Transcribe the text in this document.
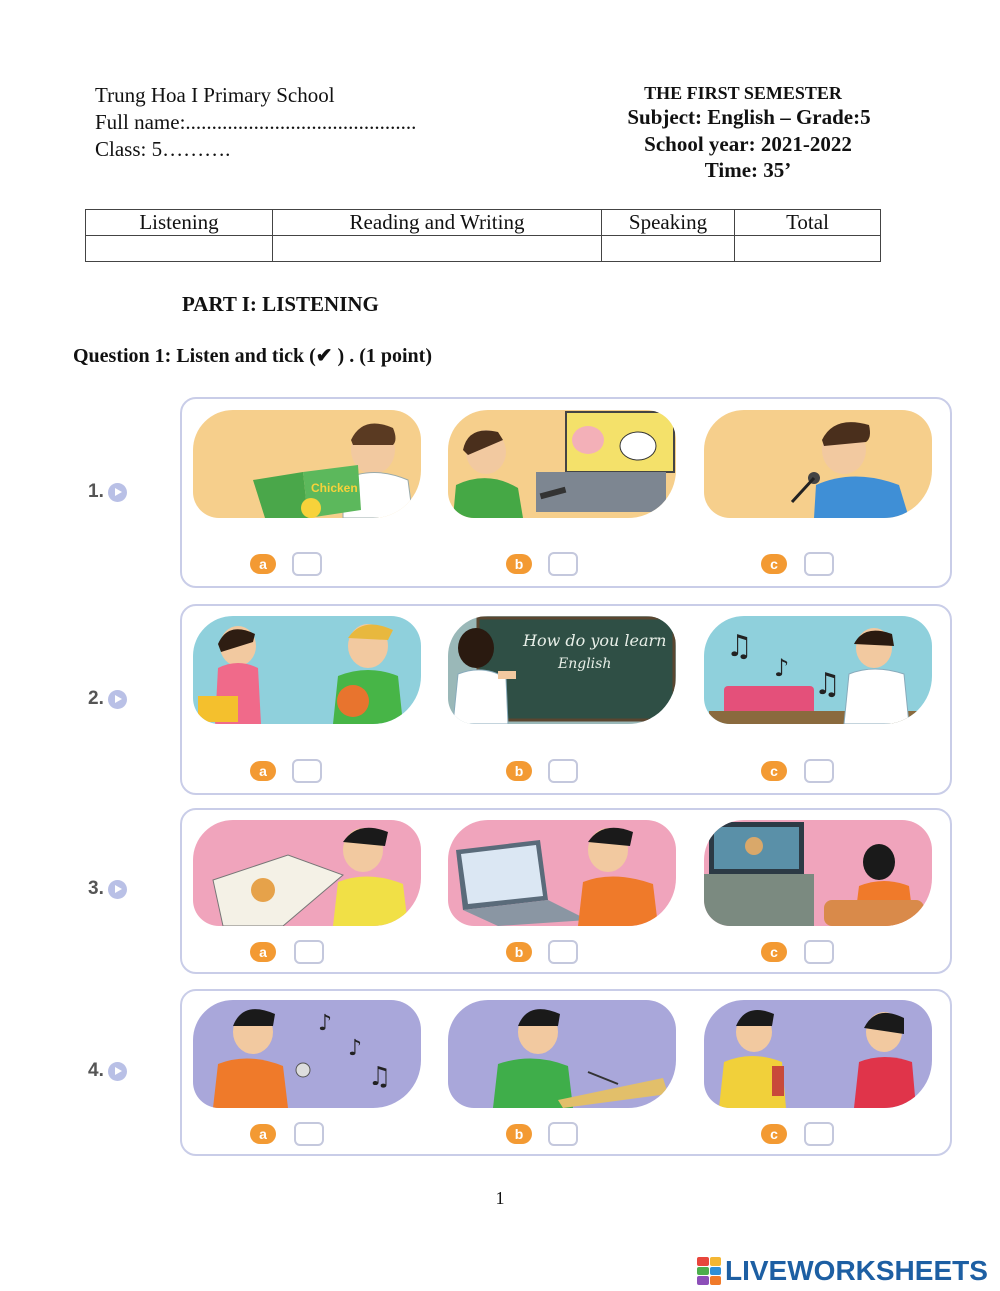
Trung Hoa I Primary School
Full name:............................................
Class: 5……….
THE FIRST SEMESTER
Subject: English – Grade:5
School year: 2021-2022
Time: 35’
Listening	Reading and Writing	Speaking	Total

PART I: LISTENING
Question 1: Listen and tick (✔ ) . (1 point)
1.	Chicken
a	b	c
2.
How do you learn
English	♫
♪ ♫
a	b	c
3.
a	b	c
4.
♪
♪
♫
a	b	c
1
LIVEWORKSHEETS
